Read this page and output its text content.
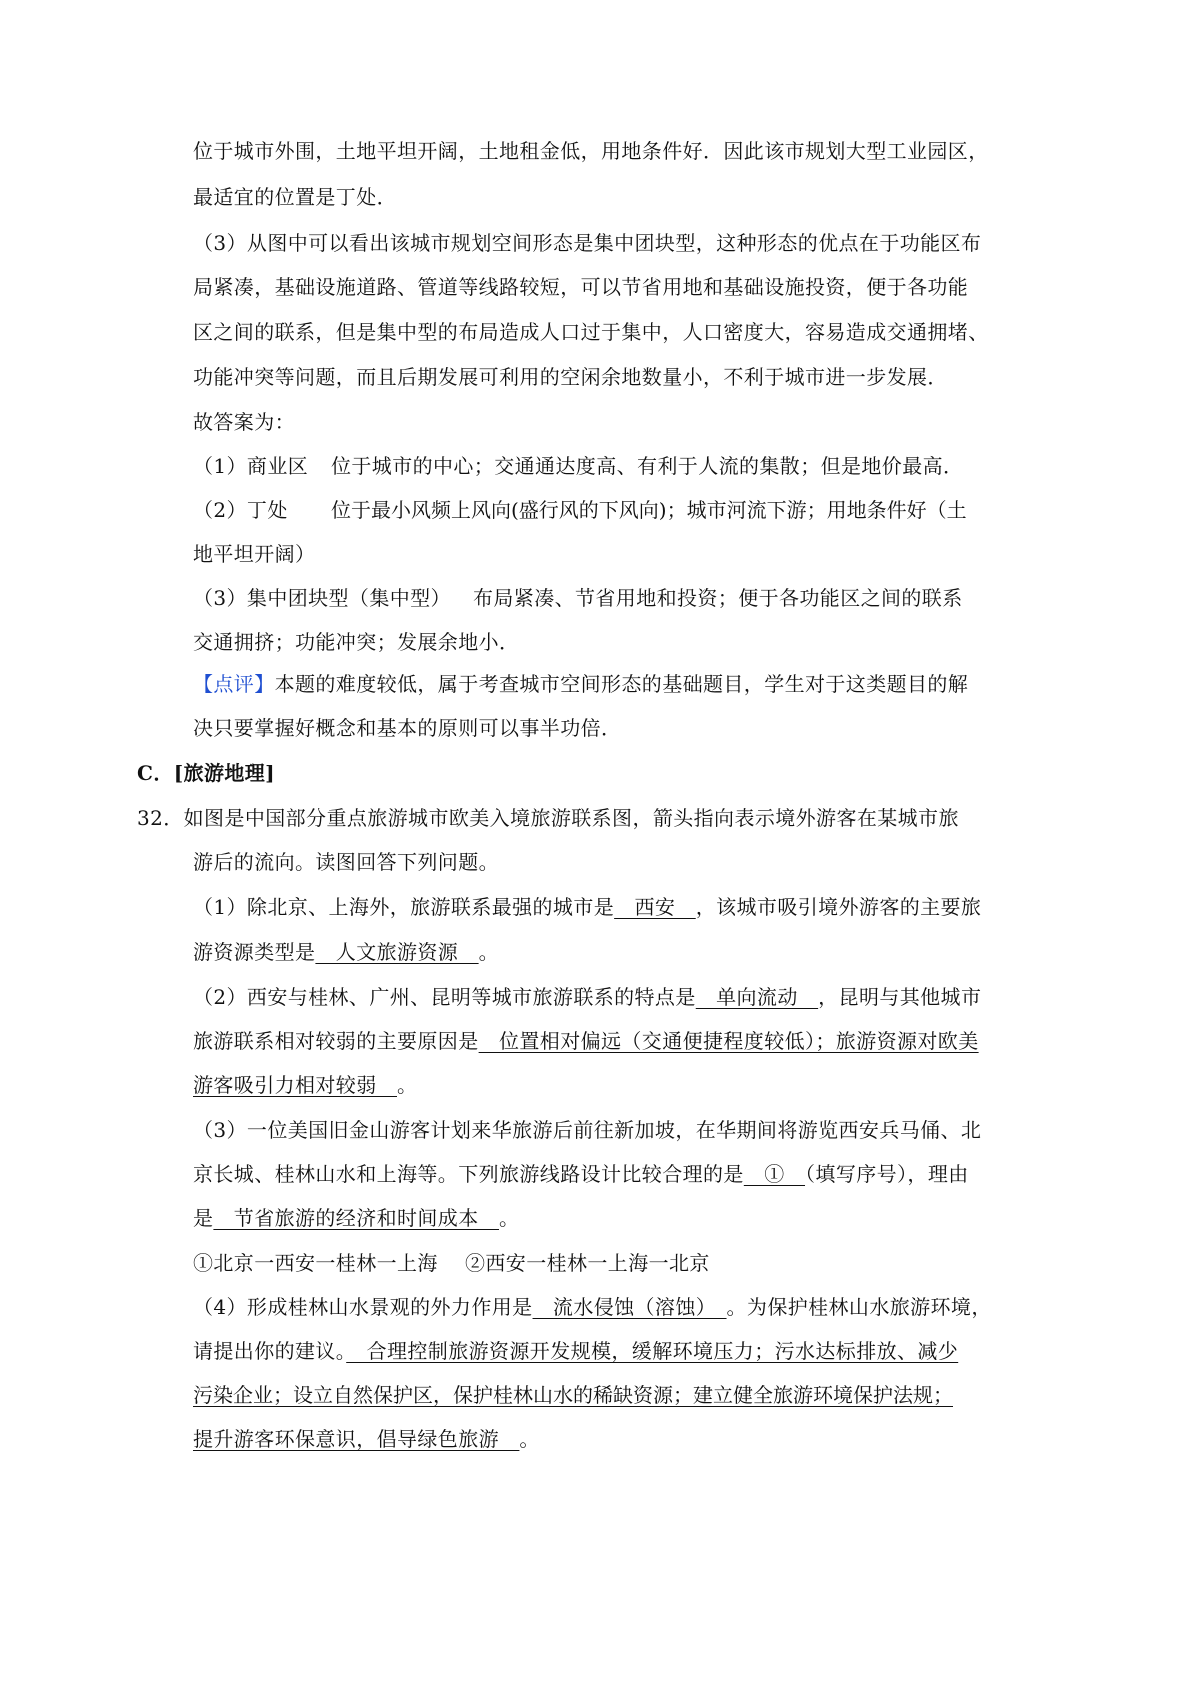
位于城市外围，土地平坦开阔，土地租金低，用地条件好．因此该市规划大型工业园区，
最适宜的位置是丁处．
（3）从图中可以看出该城市规划空间形态是集中团块型，这种形态的优点在于功能区布
局紧凑，基础设施道路、管道等线路较短，可以节省用地和基础设施投资，便于各功能
区之间的联系，但是集中型的布局造成人口过于集中，人口密度大，容易造成交通拥堵、
功能冲突等问题，而且后期发展可利用的空闲余地数量小，不利于城市进一步发展．
故答案为：
（1）商业区 位于城市的中心；交通通达度高、有利于人流的集散；但是地价最高．
（2）丁处 位于最小风频上风向(盛行风的下风向)；城市河流下游；用地条件好（土
地平坦开阔）
（3）集中团块型（集中型） 布局紧凑、节省用地和投资；便于各功能区之间的联系
交通拥挤；功能冲突；发展余地小．
【点评】本题的难度较低，属于考查城市空间形态的基础题目，学生对于这类题目的解
决只要掌握好概念和基本的原则可以事半功倍．
C．[旅游地理]
32．如图是中国部分重点旅游城市欧美入境旅游联系图，箭头指向表示境外游客在某城市旅
游后的流向。读图回答下列问题。
（1）除北京、上海外，旅游联系最强的城市是　西安　，该城市吸引境外游客的主要旅
游资源类型是　人文旅游资源　。
（2）西安与桂林、广州、昆明等城市旅游联系的特点是　单向流动　，昆明与其他城市
旅游联系相对较弱的主要原因是　位置相对偏远（交通便捷程度较低）；旅游资源对欧美
游客吸引力相对较弱　。
（3）一位美国旧金山游客计划来华旅游后前往新加坡，在华期间将游览西安兵马俑、北
京长城、桂林山水和上海等。下列旅游线路设计比较合理的是　①　（填写序号），理由
是　节省旅游的经济和时间成本　。
①北京一西安一桂林一上海 ②西安一桂林一上海一北京
（4）形成桂林山水景观的外力作用是　流水侵蚀（溶蚀）　。为保护桂林山水旅游环境，
请提出你的建议。　合理控制旅游资源开发规模，缓解环境压力；污水达标排放、减少
污染企业；设立自然保护区，保护桂林山水的稀缺资源；建立健全旅游环境保护法规；
提升游客环保意识，倡导绿色旅游　。
